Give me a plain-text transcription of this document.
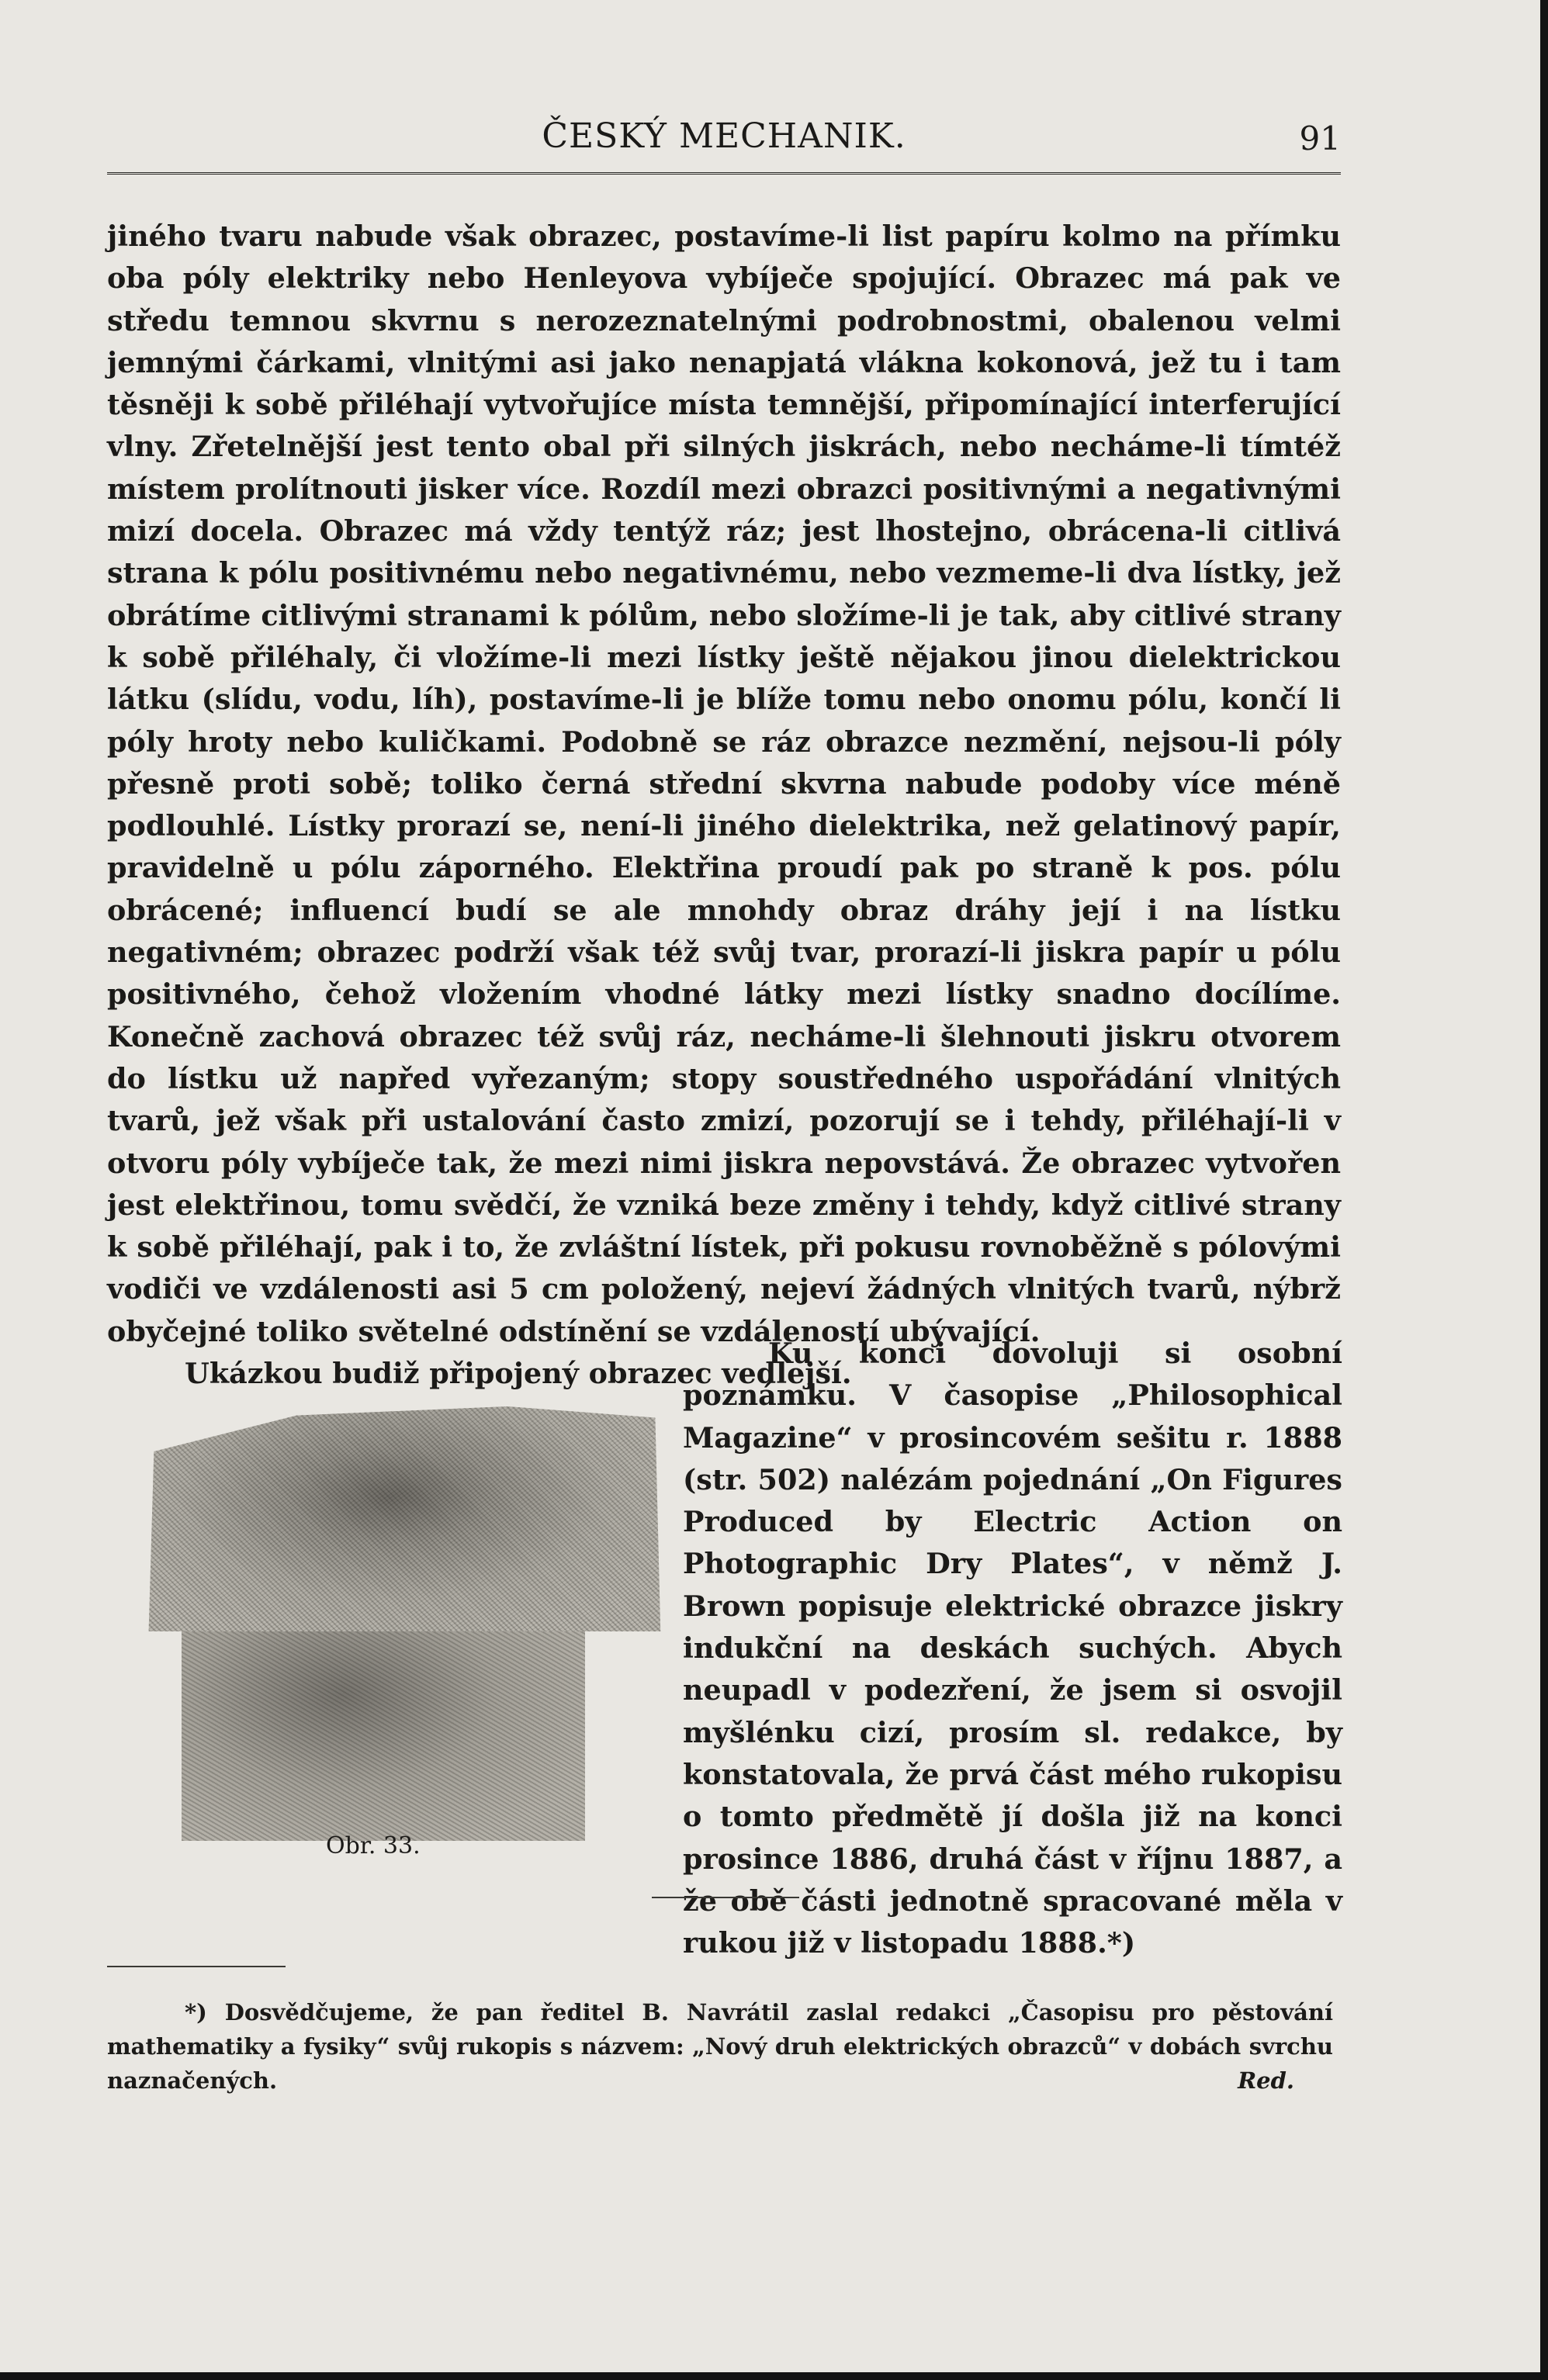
ČESKÝ MECHANIK.	91

jiného tvaru nabude však obrazec, postavíme-li list papíru kolmo na přímku oba póly elektriky nebo Henleyova vybíječe spojující. Obrazec má pak ve středu temnou skvrnu s nerozeznatelnými podrobnostmi, obalenou velmi jemnými čárkami, vlnitými asi jako nenapjatá vlákna kokonová, jež tu i tam těsněji k sobě přiléhají vytvořujíce místa temnější, připomínající interferující vlny. Zřetelnější jest tento obal při silných jiskrách, nebo necháme-li tímtéž místem prolítnouti jisker více. Rozdíl mezi obrazci positivnými a negativnými mizí docela. Obrazec má vždy tentýž ráz; jest lhostejno, obrácena-li citlivá strana k pólu positivnému nebo negativnému, nebo vezmeme-li dva lístky, jež obrátíme citlivými stranami k pólům, nebo složíme-li je tak, aby citlivé strany k sobě přiléhaly, či vložíme-li mezi lístky ještě nějakou jinou dielektrickou látku (slídu, vodu, líh), postavíme-li je blíže tomu nebo onomu pólu, končí li póly hroty nebo kuličkami. Podobně se ráz obrazce nezmění, nejsou-li póly přesně proti sobě; toliko černá střední skvrna nabude podoby více méně podlouhlé. Lístky prorazí se, není-li jiného dielektrika, než gelatinový papír, pravidelně u pólu záporného. Elektřina proudí pak po straně k pos. pólu obrácené; influencí budí se ale mnohdy obraz dráhy její i na lístku negativném; obrazec podrží však též svůj tvar, prorazí-li jiskra papír u pólu positivného, čehož vložením vhodné látky mezi lístky snadno docílíme. Konečně zachová obrazec též svůj ráz, necháme-li šlehnouti jiskru otvorem do lístku už napřed vyřezaným; stopy soustředného uspořádání vlnitých tvarů, jež však při ustalování často zmizí, pozorují se i tehdy, přiléhají-li v otvoru póly vybíječe tak, že mezi nimi jiskra nepovstává. Že obrazec vytvořen jest elektřinou, tomu svědčí, že vzniká beze změny i tehdy, když citlivé strany k sobě přiléhají, pak i to, že zvláštní lístek, při pokusu rovnoběžně s pólovými vodiči ve vzdálenosti asi 5 cm položený, nejeví žádných vlnitých tvarů, nýbrž obyčejné toliko světelné odstínění se vzdáleností ubývající.

Ukázkou budiž připojený obrazec vedlejší.

Obr. 33.

Ku konci dovoluji si osobní poznámku. V časopise „Philosophical Magazine“ v prosincovém sešitu r. 1888 (str. 502) nalézám pojednání „On Figures Produced by Electric Action on Photographic Dry Plates“, v němž J. Brown popisuje elektrické obrazce jiskry indukční na deskách suchých. Abych neupadl v podezření, že jsem si osvojil myšlénku cizí, prosím sl. redakce, by konstatovala, že prvá část mého rukopisu o tomto předmětě jí došla již na konci prosince 1886, druhá část v říjnu 1887, a že obě části jednotně spracované měla v rukou již v listopadu 1888.*)

*) Dosvědčujeme, že pan ředitel B. Navrátil zaslal redakci „Časopisu pro pěstování mathematiky a fysiky“ svůj rukopis s názvem: „Nový druh elektrických obrazců“ v dobách svrchu naznačených.	Red.
